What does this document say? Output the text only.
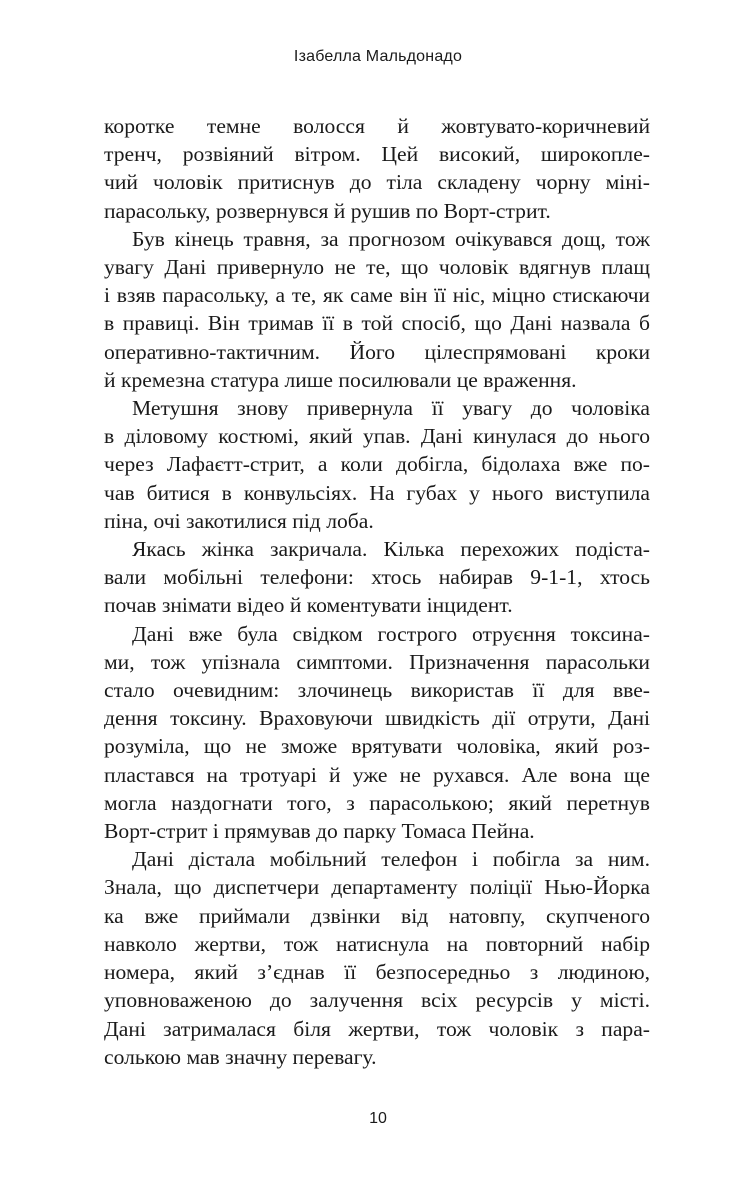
Ізабелла Мальдонадо
коротке темне волосся й жовтувато-коричневий
тренч, розвіяний вітром. Цей високий, широкопле-
чий чоловік притиснув до тіла складену чорну міні-
парасольку, розвернувся й рушив по Ворт-стрит.
Був кінець травня, за прогнозом очікувався дощ, тож
увагу Дані привернуло не те, що чоловік вдягнув плащ
і взяв парасольку, а те, як саме він її ніс, міцно стискаючи
в правиці. Він тримав її в той спосіб, що Дані назвала б
оперативно-тактичним. Його цілеспрямовані кроки
й кремезна статура лише посилювали це враження.
Метушня знову привернула її увагу до чоловіка
в діловому костюмі, який упав. Дані кинулася до нього
через Лафаєтт-стрит, а коли добігла, бідолаха вже по-
чав битися в конвульсіях. На губах у нього виступила
піна, очі закотилися під лоба.
Якась жінка закричала. Кілька перехожих подіста-
вали мобільні телефони: хтось набирав 9-1-1, хтось
почав знімати відео й коментувати інцидент.
Дані вже була свідком гострого отруєння токсина-
ми, тож упізнала симптоми. Призначення парасольки
стало очевидним: злочинець використав її для вве-
дення токсину. Враховуючи швидкість дії отрути, Дані
розуміла, що не зможе врятувати чоловіка, який роз-
пластався на тротуарі й уже не рухався. Але вона ще
могла наздогнати того, з парасолькою; який перетнув
Ворт-стрит і прямував до парку Томаса Пейна.
Дані дістала мобільний телефон і побігла за ним.
Знала, що диспетчери департаменту поліції Нью-Йорка
ка вже приймали дзвінки від натовпу, скупченого
навколо жертви, тож натиснула на повторний набір
номера, який з’єднав її безпосередньо з людиною,
уповноваженою до залучення всіх ресурсів у місті.
Дані затрималася біля жертви, тож чоловік з пара-
солькою мав значну перевагу.
10
